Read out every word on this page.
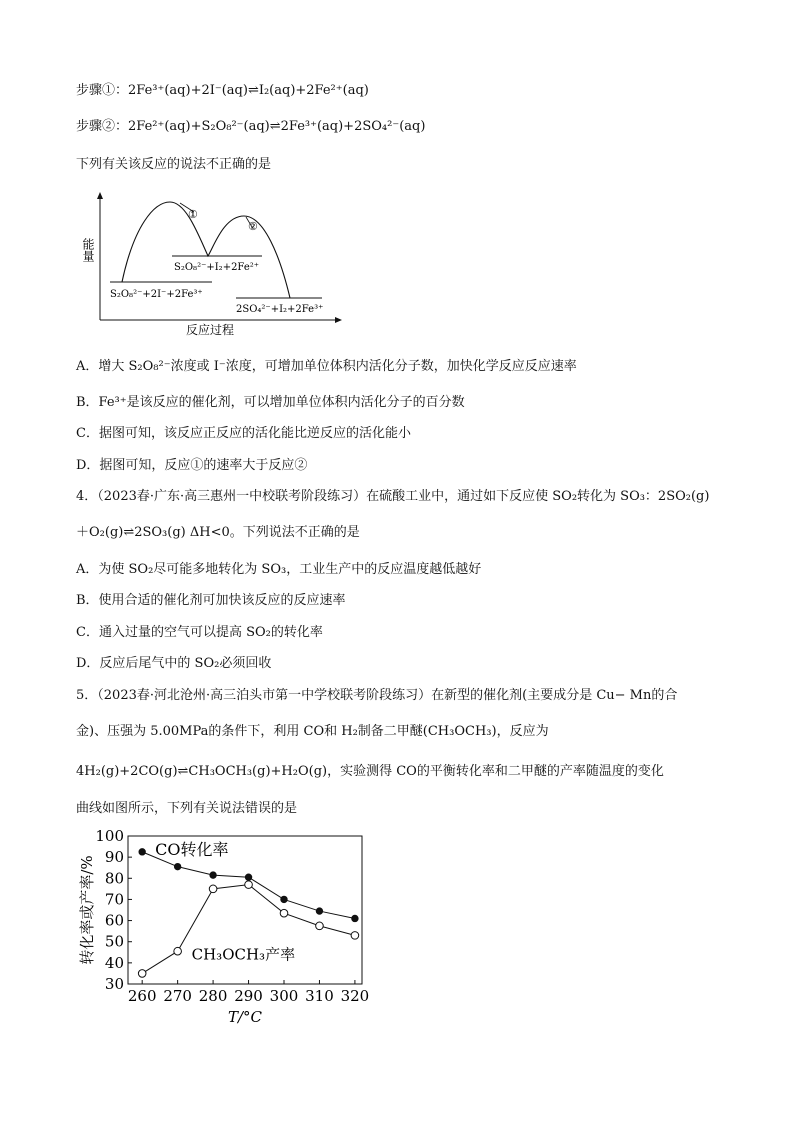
步骤①：2Fe³⁺(aq)+2I⁻(aq)⇌I₂(aq)+2Fe²⁺(aq)
步骤②：2Fe²⁺(aq)+S₂O₈²⁻(aq)⇌2Fe³⁺(aq)+2SO₄²⁻(aq)
下列有关该反应的说法不正确的是
能量
反应过程
①
②
S₂O₈²⁻+2I⁻+2Fe³⁺
S₂O₈²⁻+I₂+2Fe²⁺
2SO₄²⁻+I₂+2Fe³⁺
A．增大 S₂O₈²⁻浓度或 I⁻浓度，可增加单位体积内活化分子数，加快化学反应反应速率
B．Fe³⁺是该反应的催化剂，可以增加单位体积内活化分子的百分数
C．据图可知，该反应正反应的活化能比逆反应的活化能小
D．据图可知，反应①的速率大于反应②
4．（2023春·广东·高三惠州一中校联考阶段练习）在硫酸工业中，通过如下反应使 SO₂转化为 SO₃：2SO₂(g)
＋O₂(g)⇌2SO₃(g) ΔH<0。下列说法不正确的是
A．为使 SO₂尽可能多地转化为 SO₃，工业生产中的反应温度越低越好
B．使用合适的催化剂可加快该反应的反应速率
C．通入过量的空气可以提高 SO₂的转化率
D．反应后尾气中的 SO₂必须回收
5．（2023春·河北沧州·高三泊头市第一中学校联考阶段练习）在新型的催化剂(主要成分是 Cu− Mn的合
金)、压强为 5.00MPa的条件下，利用 CO和 H₂制备二甲醚(CH₃OCH₃)，反应为
4H₂(g)+2CO(g)⇌CH₃OCH₃(g)+H₂O(g)，实验测得 CO的平衡转化率和二甲醚的产率随温度的变化
曲线如图所示，下列有关说法错误的是
30
40
50
60
70
80
90
100
260 270 280 290 300 310 320
T/°C
转化率或产率/%
CO转化率
CH₃OCH₃产率
